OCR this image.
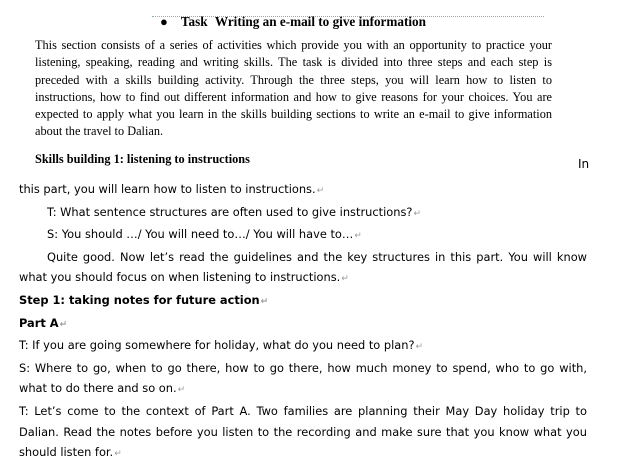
● Task Writing an e-mail to give information

This section consists of a series of activities which provide you with an opportunity to practice your listening, speaking, reading and writing skills. The task is divided into three steps and each step is preceded with a skills building activity. Through the three steps, you will learn how to listen to instructions, how to find out different information and how to give reasons for your choices. You are expected to apply what you learn in the skills building sections to write an e-mail to give information about the travel to Dalian.

Skills building 1: listening to instructions	In

this part, you will learn how to listen to instructions.↵

T: What sentence structures are often used to give instructions?↵

S: You should …/ You will need to…/ You will have to…↵

Quite good. Now let’s read the guidelines and the key structures in this part. You will know what you should focus on when listening to instructions.↵

Step 1: taking notes for future action↵

Part A↵

T: If you are going somewhere for holiday, what do you need to plan?↵

S: Where to go, when to go there, how to go there, how much money to spend, who to go with, what to do there and so on.↵

T: Let’s come to the context of Part A. Two families are planning their May Day holiday trip to Dalian. Read the notes before you listen to the recording and make sure that you know what you should listen for.↵
